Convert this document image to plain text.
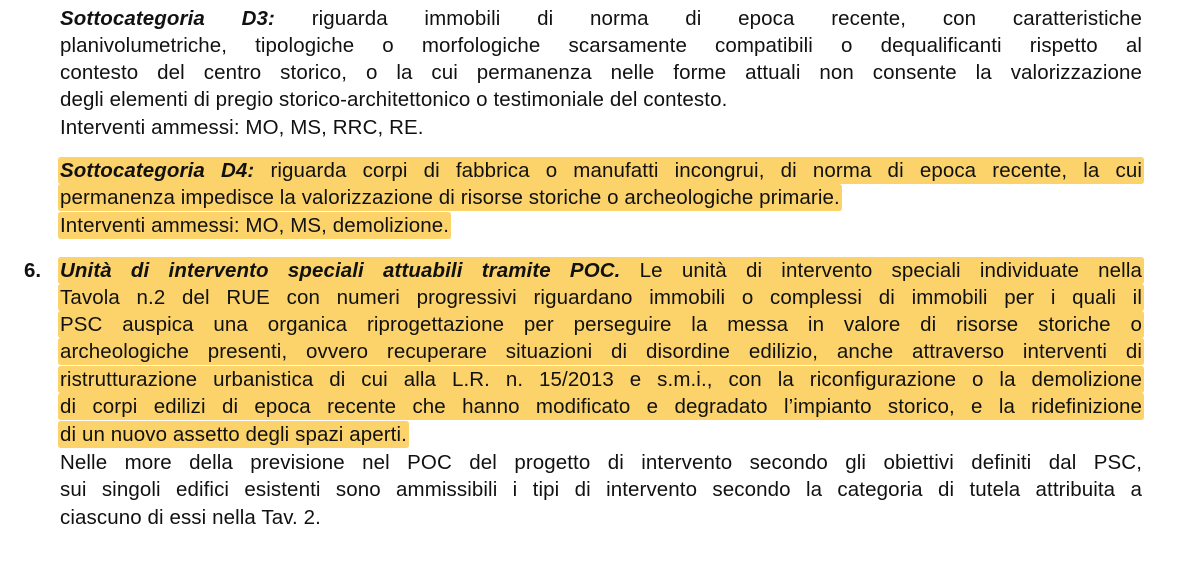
Sottocategoria D3: riguarda immobili di norma di epoca recente, con caratteristiche
planivolumetriche, tipologiche o morfologiche scarsamente compatibili o dequalificanti rispetto al
contesto del centro storico, o la cui permanenza nelle forme attuali non consente la valorizzazione
degli elementi di pregio storico-architettonico o testimoniale del contesto.
Interventi ammessi: MO, MS, RRC, RE.
Sottocategoria D4: riguarda corpi di fabbrica o manufatti incongrui, di norma di epoca recente, la cui
permanenza impedisce la valorizzazione di risorse storiche o archeologiche primarie.
Interventi ammessi: MO, MS, demolizione.
6. Unità di intervento speciali attuabili tramite POC. Le unità di intervento speciali individuate nella
Tavola n.2 del RUE con numeri progressivi riguardano immobili o complessi di immobili per i quali il
PSC auspica una organica riprogettazione per perseguire la messa in valore di risorse storiche o
archeologiche presenti, ovvero recuperare situazioni di disordine edilizio, anche attraverso interventi di
ristrutturazione urbanistica di cui alla L.R. n. 15/2013 e s.m.i., con la riconfigurazione o la demolizione
di corpi edilizi di epoca recente che hanno modificato e degradato l’impianto storico, e la ridefinizione
di un nuovo assetto degli spazi aperti.
Nelle more della previsione nel POC del progetto di intervento secondo gli obiettivi definiti dal PSC,
sui singoli edifici esistenti sono ammissibili i tipi di intervento secondo la categoria di tutela attribuita a
ciascuno di essi nella Tav. 2.
